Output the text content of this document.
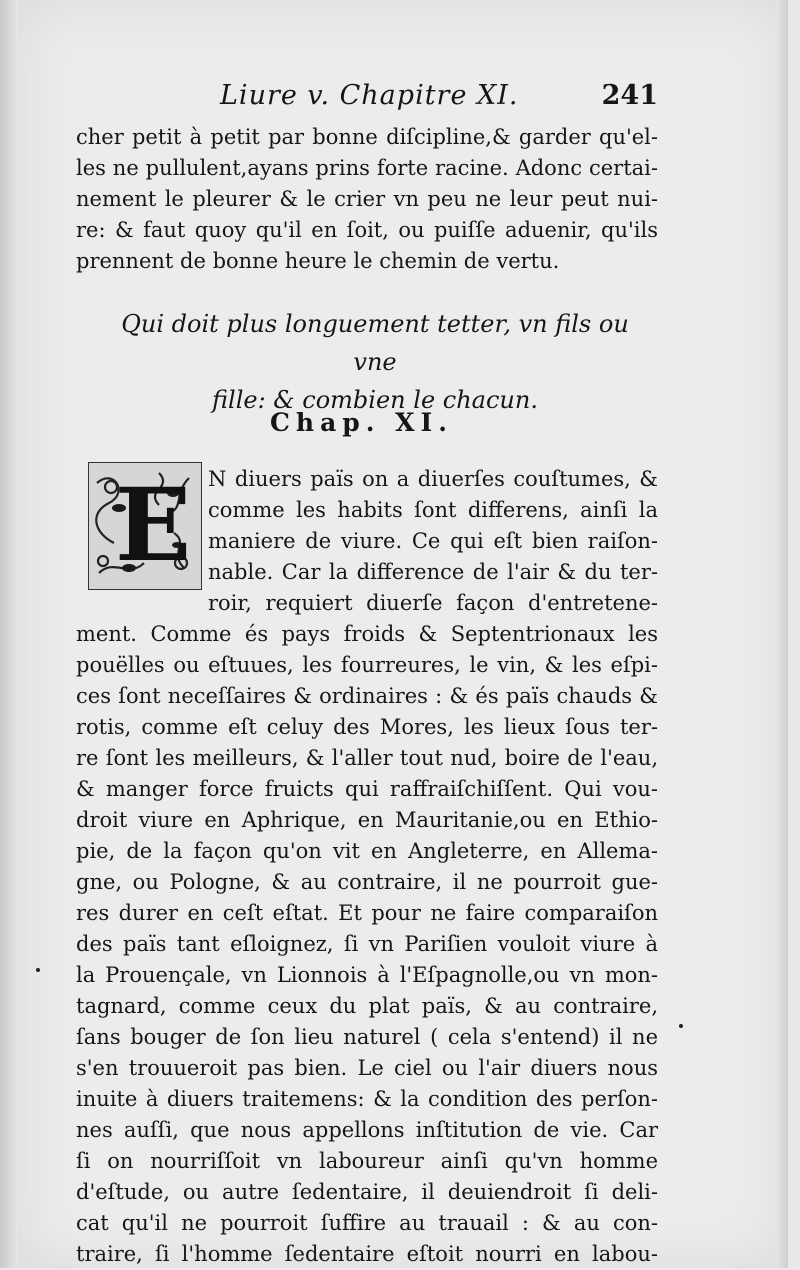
Liure v. Chapitre XI.	241
cher petit à petit par bonne diſcipline,& garder qu'el-
les ne pullulent,ayans prins forte racine. Adonc certai-
nement le pleurer & le crier vn peu ne leur peut nui-
re: & faut quoy qu'il en ſoit, ou puiſſe aduenir, qu'ils
prennent de bonne heure le chemin de vertu.
Qui doit plus longuement tetter, vn fils ou vne
fille: & combien le chacun.
Chap. XI.
E N diuers païs on a diuerſes couſtumes, &
comme les habits ſont differens, ainſi la
maniere de viure. Ce qui eſt bien raiſon-
nable. Car la difference de l'air & du ter-
roir, requiert diuerſe façon d'entretene-
ment. Comme és pays froids & Septentrionaux les
pouëlles ou eſtuues, les fourreures, le vin, & les eſpi-
ces ſont neceſſaires & ordinaires : & és païs chauds &
rotis, comme eſt celuy des Mores, les lieux ſous ter-
re ſont les meilleurs, & l'aller tout nud, boire de l'eau,
& manger force fruicts qui raffraiſchiſſent. Qui vou-
droit viure en Aphrique, en Mauritanie,ou en Ethio-
pie, de la façon qu'on vit en Angleterre, en Allema-
gne, ou Pologne, & au contraire, il ne pourroit gue-
res durer en ceſt eſtat. Et pour ne faire comparaiſon
des païs tant eſloignez, ſi vn Pariſien vouloit viure à
la Prouençale, vn Lionnois à l'Eſpagnolle,ou vn mon-
tagnard, comme ceux du plat païs, & au contraire,
ſans bouger de ſon lieu naturel ( cela s'entend) il ne
s'en trouueroit pas bien. Le ciel ou l'air diuers nous
inuite à diuers traitemens: & la condition des perſon-
nes auſſi, que nous appellons inſtitution de vie. Car
ſi on nourriſſoit vn laboureur ainſi qu'vn homme
d'eſtude, ou autre ſedentaire, il deuiendroit ſi deli-
cat qu'il ne pourroit ſuffire au trauail : & au con-
traire, ſi l'homme ſedentaire eſtoit nourri en labou-
